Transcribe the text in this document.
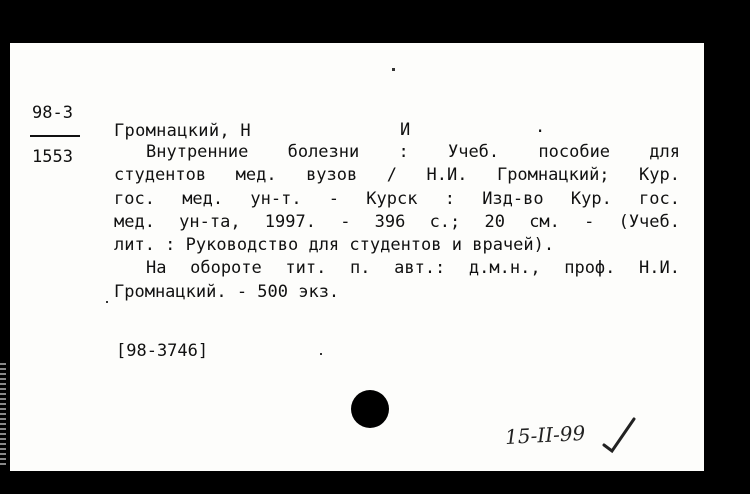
98-3
1553
Громнацкий, Н	И	.
Внутренние болезни : Учеб. пособие для
студентов мед. вузов / Н.И. Громнацкий; Кур.
гос. мед. ун-т. - Курск : Изд-во Кур. гос.
мед. ун-та, 1997. - 396 с.; 20 см. - (Учеб.
лит. : Руководство для студентов и врачей).
На обороте тит. п. авт.: д.м.н., проф. Н.И.
Громнацкий. - 500 экз.
[98-3746]
15-II-99
